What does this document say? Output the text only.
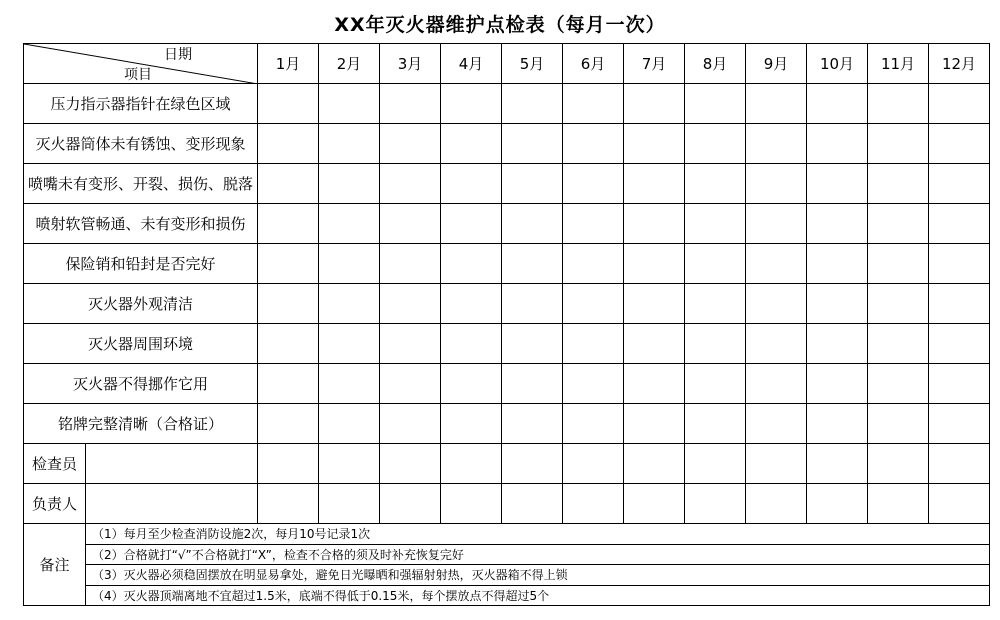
XX年灭火器维护点检表（每月一次）
日期
项目		1月	2月	3月	4月	5月	6月	7月	8月	9月	10月	11月	12月
压力指示器指针在绿色区域													
灭火器筒体未有锈蚀、变形现象													
喷嘴未有变形、开裂、损伤、脱落													
喷射软管畅通、未有变形和损伤													
保险销和铅封是否完好													
灭火器外观清洁													
灭火器周围环境													
灭火器不得挪作它用													
铭牌完整清晰（合格证）													
检查员													
负责人													
备注	（1）每月至少检查消防设施2次，每月10号记录1次												
	（2）合格就打“√”不合格就打“X”，检查不合格的须及时补充恢复完好												
	（3）灭火器必须稳固摆放在明显易拿处，避免日光曝晒和强辐射射热，灭火器箱不得上锁												
	（4）灭火器顶端离地不宜超过1.5米，底端不得低于0.15米，每个摆放点不得超过5个												
